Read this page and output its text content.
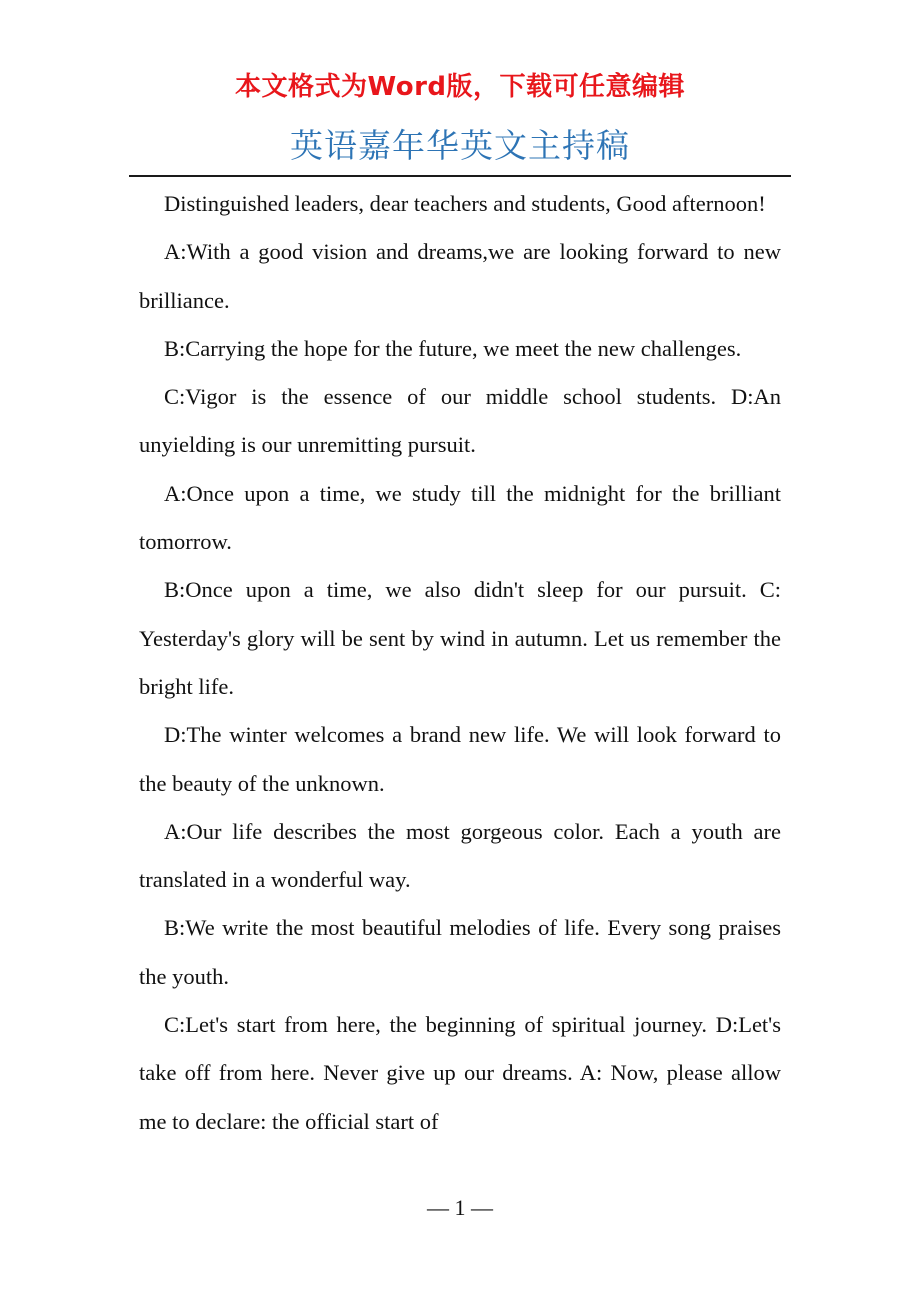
本文格式为Word版，下载可任意编辑
英语嘉年华英文主持稿

Distinguished leaders, dear teachers and students, Good afternoon!

A:With a good vision and dreams,we are looking forward to new brilliance.

B:Carrying the hope for the future, we meet the new challenges.

C:Vigor is the essence of our middle school students. D:An unyielding is our unremitting pursuit.

A:Once upon a time, we study till the midnight for the brilliant tomorrow.

B:Once upon a time, we also didn't sleep for our pursuit. C: Yesterday's glory will be sent by wind in autumn. Let us remember the bright life.

D:The winter welcomes a brand new life. We will look forward to the beauty of the unknown.

A:Our life describes the most gorgeous color. Each a youth are translated in a wonderful way.

B:We write the most beautiful melodies of life. Every song praises the youth.

C:Let's start from here, the beginning of spiritual journey. D:Let's take off from here. Never give up our dreams. A: Now, please allow me to declare: the official start of

— 1 —
